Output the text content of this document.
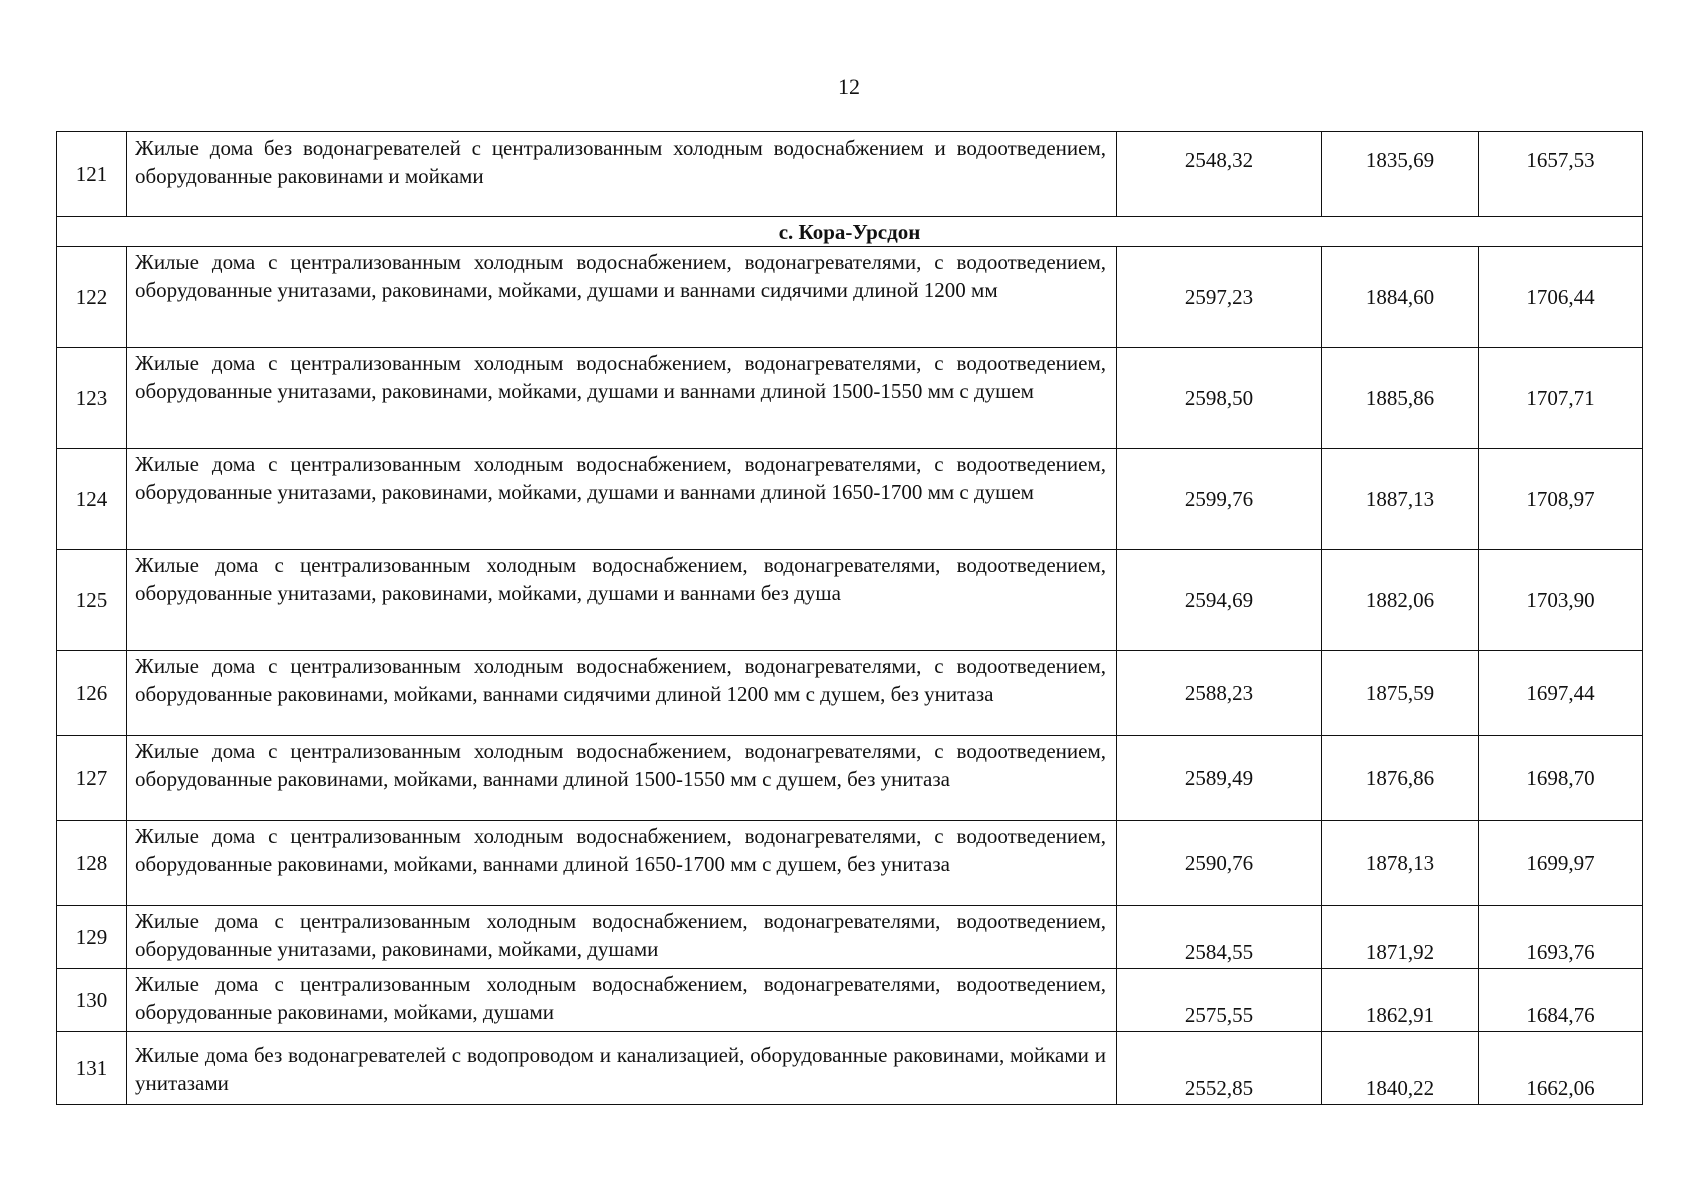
12
121	Жилые дома без водонагревателей с централизованным холодным водоснабжением и водоотведением, оборудованные раковинами и мойками	2548,32	1835,69	1657,53
с. Кора-Урсдон				
122	Жилые дома с централизованным холодным водоснабжением, водонагревателями, с водоотведением, оборудованные унитазами, раковинами, мойками, душами и ваннами сидячими длиной 1200 мм	2597,23	1884,60	1706,44
123	Жилые дома с централизованным холодным водоснабжением, водонагревателями, с водоотведением, оборудованные унитазами, раковинами, мойками, душами и ваннами длиной 1500-1550 мм с душем	2598,50	1885,86	1707,71
124	Жилые дома с централизованным холодным водоснабжением, водонагревателями, с водоотведением, оборудованные унитазами, раковинами, мойками, душами и ваннами длиной 1650-1700 мм с душем	2599,76	1887,13	1708,97
125	Жилые дома с централизованным холодным водоснабжением, водонагревателями, водоотведением, оборудованные унитазами, раковинами, мойками, душами и ваннами без душа	2594,69	1882,06	1703,90
126	Жилые дома с централизованным холодным водоснабжением, водонагревателями, с водоотведением, оборудованные раковинами, мойками, ваннами сидячими длиной 1200 мм с душем, без унитаза	2588,23	1875,59	1697,44
127	Жилые дома с централизованным холодным водоснабжением, водонагревателями, с водоотведением, оборудованные раковинами, мойками, ваннами длиной 1500-1550 мм с душем, без унитаза	2589,49	1876,86	1698,70
128	Жилые дома с централизованным холодным водоснабжением, водонагревателями, с водоотведением, оборудованные раковинами, мойками, ваннами длиной 1650-1700 мм с душем, без унитаза	2590,76	1878,13	1699,97
129	Жилые дома с централизованным холодным водоснабжением, водонагревателями, водоотведением, оборудованные унитазами, раковинами, мойками, душами	2584,55	1871,92	1693,76
130	Жилые дома с централизованным холодным водоснабжением, водонагревателями, водоотведением, оборудованные раковинами, мойками, душами	2575,55	1862,91	1684,76
131	Жилые дома без водонагревателей с водопроводом и канализацией, оборудованные раковинами, мойками и унитазами	2552,85	1840,22	1662,06
